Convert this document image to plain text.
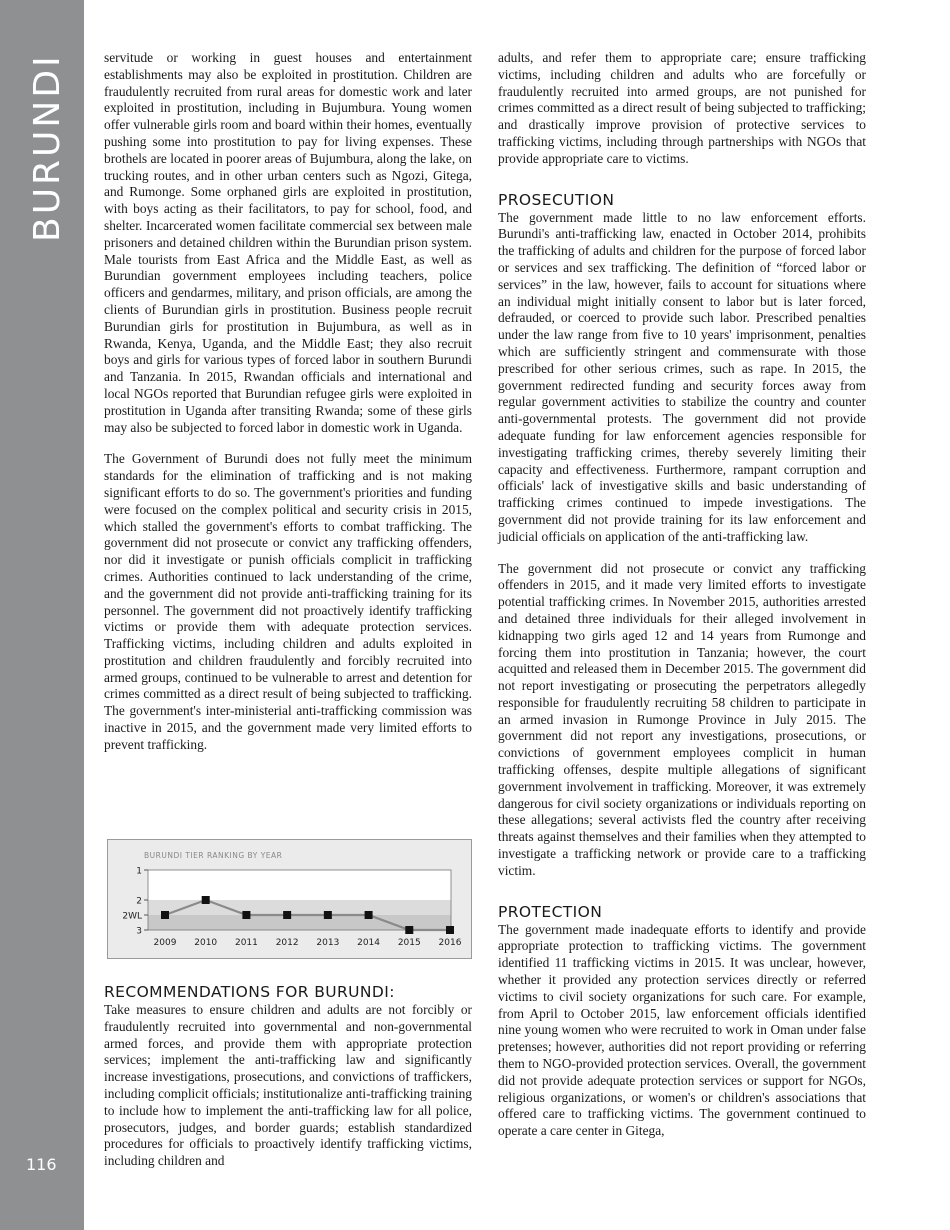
BURUNDI
116

servitude or working in guest houses and entertainment establishments may also be exploited in prostitution. Children are fraudulently recruited from rural areas for domestic work and later exploited in prostitution, including in Bujumbura. Young women offer vulnerable girls room and board within their homes, eventually pushing some into prostitution to pay for living expenses. These brothels are located in poorer areas of Bujumbura, along the lake, on trucking routes, and in other urban centers such as Ngozi, Gitega, and Rumonge. Some orphaned girls are exploited in prostitution, with boys acting as their facilitators, to pay for school, food, and shelter. Incarcerated women facilitate commercial sex between male prisoners and detained children within the Burundian prison system. Male tourists from East Africa and the Middle East, as well as Burundian government employees including teachers, police officers and gendarmes, military, and prison officials, are among the clients of Burundian girls in prostitution. Business people recruit Burundian girls for prostitution in Bujumbura, as well as in Rwanda, Kenya, Uganda, and the Middle East; they also recruit boys and girls for various types of forced labor in southern Burundi and Tanzania. In 2015, Rwandan officials and international and local NGOs reported that Burundian refugee girls were exploited in prostitution in Uganda after transiting Rwanda; some of these girls may also be subjected to forced labor in domestic work in Uganda.

The Government of Burundi does not fully meet the minimum standards for the elimination of trafficking and is not making significant efforts to do so. The government's priorities and funding were focused on the complex political and security crisis in 2015, which stalled the government's efforts to combat trafficking. The government did not prosecute or convict any trafficking offenders, nor did it investigate or punish officials complicit in trafficking crimes. Authorities continued to lack understanding of the crime, and the government did not provide anti-trafficking training for its personnel. The government did not proactively identify trafficking victims or provide them with adequate protection services. Trafficking victims, including children and adults exploited in prostitution and children fraudulently and forcibly recruited into armed groups, continued to be vulnerable to arrest and detention for crimes committed as a direct result of being subjected to trafficking. The government's inter-ministerial anti-trafficking commission was inactive in 2015, and the government made very limited efforts to prevent trafficking.

BURUNDI TIER RANKING BY YEAR
1
2
2WL
3
2009 2010 2011 2012 2013 2014 2015 2016
RECOMMENDATIONS FOR BURUNDI:

Take measures to ensure children and adults are not forcibly or fraudulently recruited into governmental and non-governmental armed forces, and provide them with appropriate protection services; implement the anti-trafficking law and significantly increase investigations, prosecutions, and convictions of traffickers, including complicit officials; institutionalize anti-trafficking training to include how to implement the anti-trafficking law for all police, prosecutors, judges, and border guards; establish standardized procedures for officials to proactively identify trafficking victims, including children and

adults, and refer them to appropriate care; ensure trafficking victims, including children and adults who are forcefully or fraudulently recruited into armed groups, are not punished for crimes committed as a direct result of being subjected to trafficking; and drastically improve provision of protective services to trafficking victims, including through partnerships with NGOs that provide appropriate care to victims.

PROSECUTION

The government made little to no law enforcement efforts. Burundi's anti-trafficking law, enacted in October 2014, prohibits the trafficking of adults and children for the purpose of forced labor or services and sex trafficking. The definition of “forced labor or services” in the law, however, fails to account for situations where an individual might initially consent to labor but is later forced, defrauded, or coerced to provide such labor. Prescribed penalties under the law range from five to 10 years' imprisonment, penalties which are sufficiently stringent and commensurate with those prescribed for other serious crimes, such as rape. In 2015, the government redirected funding and security forces away from regular government activities to stabilize the country and counter anti-governmental protests. The government did not provide adequate funding for law enforcement agencies responsible for investigating trafficking crimes, thereby severely limiting their capacity and effectiveness. Furthermore, rampant corruption and officials' lack of investigative skills and basic understanding of trafficking crimes continued to impede investigations. The government did not provide training for its law enforcement and judicial officials on application of the anti-trafficking law.

The government did not prosecute or convict any trafficking offenders in 2015, and it made very limited efforts to investigate potential trafficking crimes. In November 2015, authorities arrested and detained three individuals for their alleged involvement in kidnapping two girls aged 12 and 14 years from Rumonge and forcing them into prostitution in Tanzania; however, the court acquitted and released them in December 2015. The government did not report investigating or prosecuting the perpetrators allegedly responsible for fraudulently recruiting 58 children to participate in an armed invasion in Rumonge Province in July 2015. The government did not report any investigations, prosecutions, or convictions of government employees complicit in human trafficking offenses, despite multiple allegations of significant government involvement in trafficking. Moreover, it was extremely dangerous for civil society organizations or individuals reporting on these allegations; several activists fled the country after receiving threats against themselves and their families when they attempted to investigate a trafficking network or provide care to a trafficking victim.

PROTECTION

The government made inadequate efforts to identify and provide appropriate protection to trafficking victims. The government identified 11 trafficking victims in 2015. It was unclear, however, whether it provided any protection services directly or referred victims to civil society organizations for such care. For example, from April to October 2015, law enforcement officials identified nine young women who were recruited to work in Oman under false pretenses; however, authorities did not report providing or referring them to NGO-provided protection services. Overall, the government did not provide adequate protection services or support for NGOs, religious organizations, or women's or children's associations that offered care to trafficking victims. The government continued to operate a care center in Gitega,
